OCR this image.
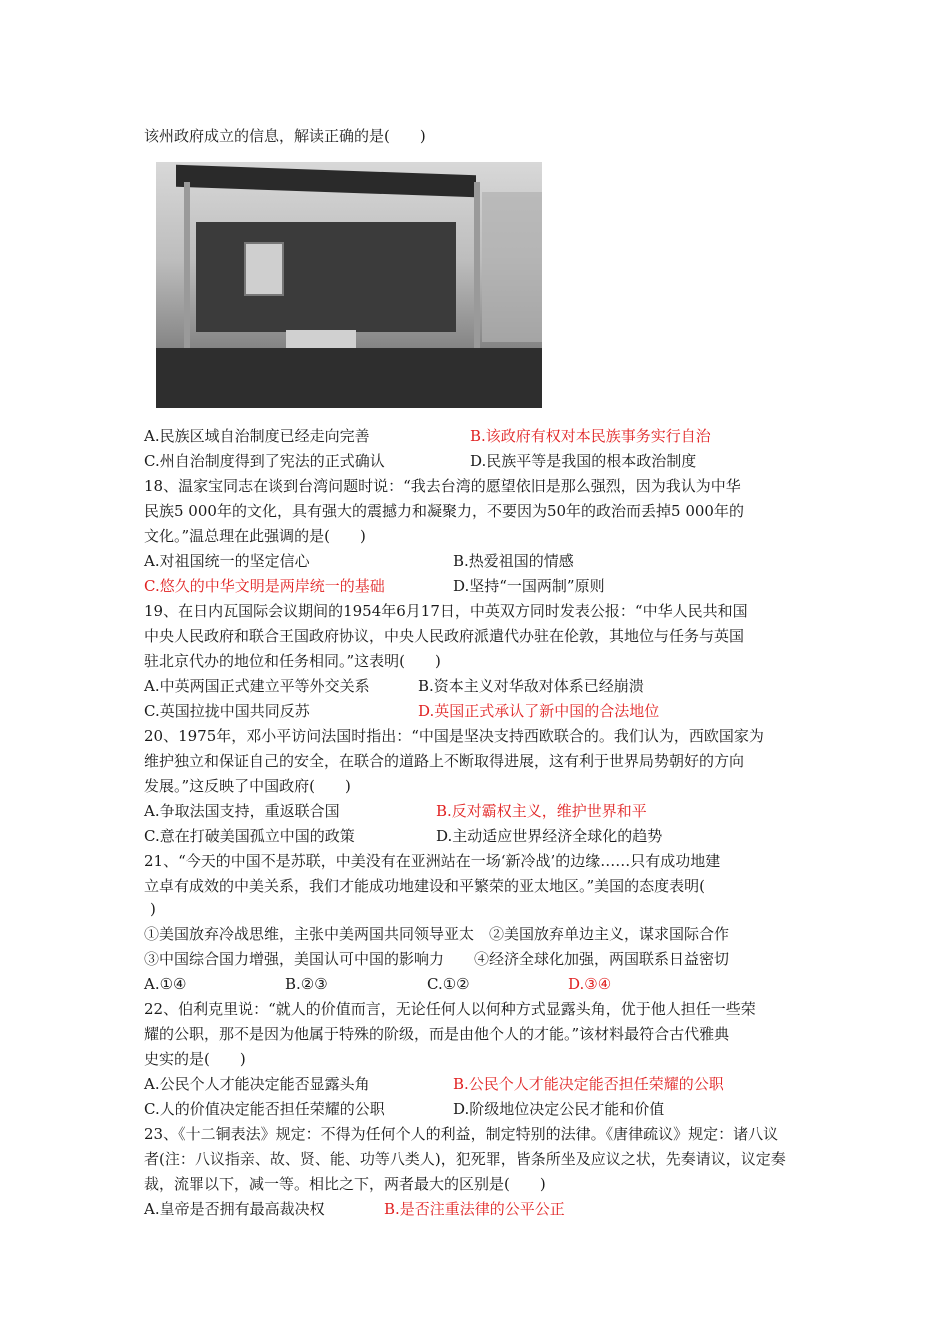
该州政府成立的信息，解读正确的是(　　)
A.民族区域自治制度已经走向完善	B.该政府有权对本民族事务实行自治
C.州自治制度得到了宪法的正式确认	D.民族平等是我国的根本政治制度
18、温家宝同志在谈到台湾问题时说：“我去台湾的愿望依旧是那么强烈，因为我认为中华
民族5 000年的文化，具有强大的震撼力和凝聚力，不要因为50年的政治而丢掉5 000年的
文化。”温总理在此强调的是(　　)
A.对祖国统一的坚定信心	B.热爱祖国的情感
C.悠久的中华文明是两岸统一的基础	D.坚持“一国两制”原则
19、在日内瓦国际会议期间的1954年6月17日，中英双方同时发表公报：“中华人民共和国
中央人民政府和联合王国政府协议，中央人民政府派遣代办驻在伦敦，其地位与任务与英国
驻北京代办的地位和任务相同。”这表明(　　)
A.中英两国正式建立平等外交关系	B.资本主义对华敌对体系已经崩溃
C.英国拉拢中国共同反苏	D.英国正式承认了新中国的合法地位
20、1975年，邓小平访问法国时指出：“中国是坚决支持西欧联合的。我们认为，西欧国家为
维护独立和保证自己的安全，在联合的道路上不断取得进展，这有利于世界局势朝好的方向
发展。”这反映了中国政府(　　)
A.争取法国支持，重返联合国	B.反对霸权主义，维护世界和平
C.意在打破美国孤立中国的政策	D.主动适应世界经济全球化的趋势
21、“今天的中国不是苏联，中美没有在亚洲站在一场‘新冷战’的边缘……只有成功地建
立卓有成效的中美关系，我们才能成功地建设和平繁荣的亚太地区。”美国的态度表明(
)
①美国放弃冷战思维，主张中美两国共同领导亚太　②美国放弃单边主义，谋求国际合作
③中国综合国力增强，美国认可中国的影响力　　④经济全球化加强，两国联系日益密切
A.①④	B.②③	C.①②	D.③④
22、伯利克里说：“就人的价值而言，无论任何人以何种方式显露头角，优于他人担任一些荣
耀的公职，那不是因为他属于特殊的阶级，而是由他个人的才能。”该材料最符合古代雅典
史实的是(　　)
A.公民个人才能决定能否显露头角	B.公民个人才能决定能否担任荣耀的公职
C.人的价值决定能否担任荣耀的公职	D.阶级地位决定公民才能和价值
23、《十二铜表法》规定：不得为任何个人的利益，制定特别的法律。《唐律疏议》规定：诸八议
者(注：八议指亲、故、贤、能、功等八类人)，犯死罪，皆条所坐及应议之状，先奏请议，议定奏
裁，流罪以下，减一等。相比之下，两者最大的区别是(　　)
A.皇帝是否拥有最高裁决权	B.是否注重法律的公平公正
